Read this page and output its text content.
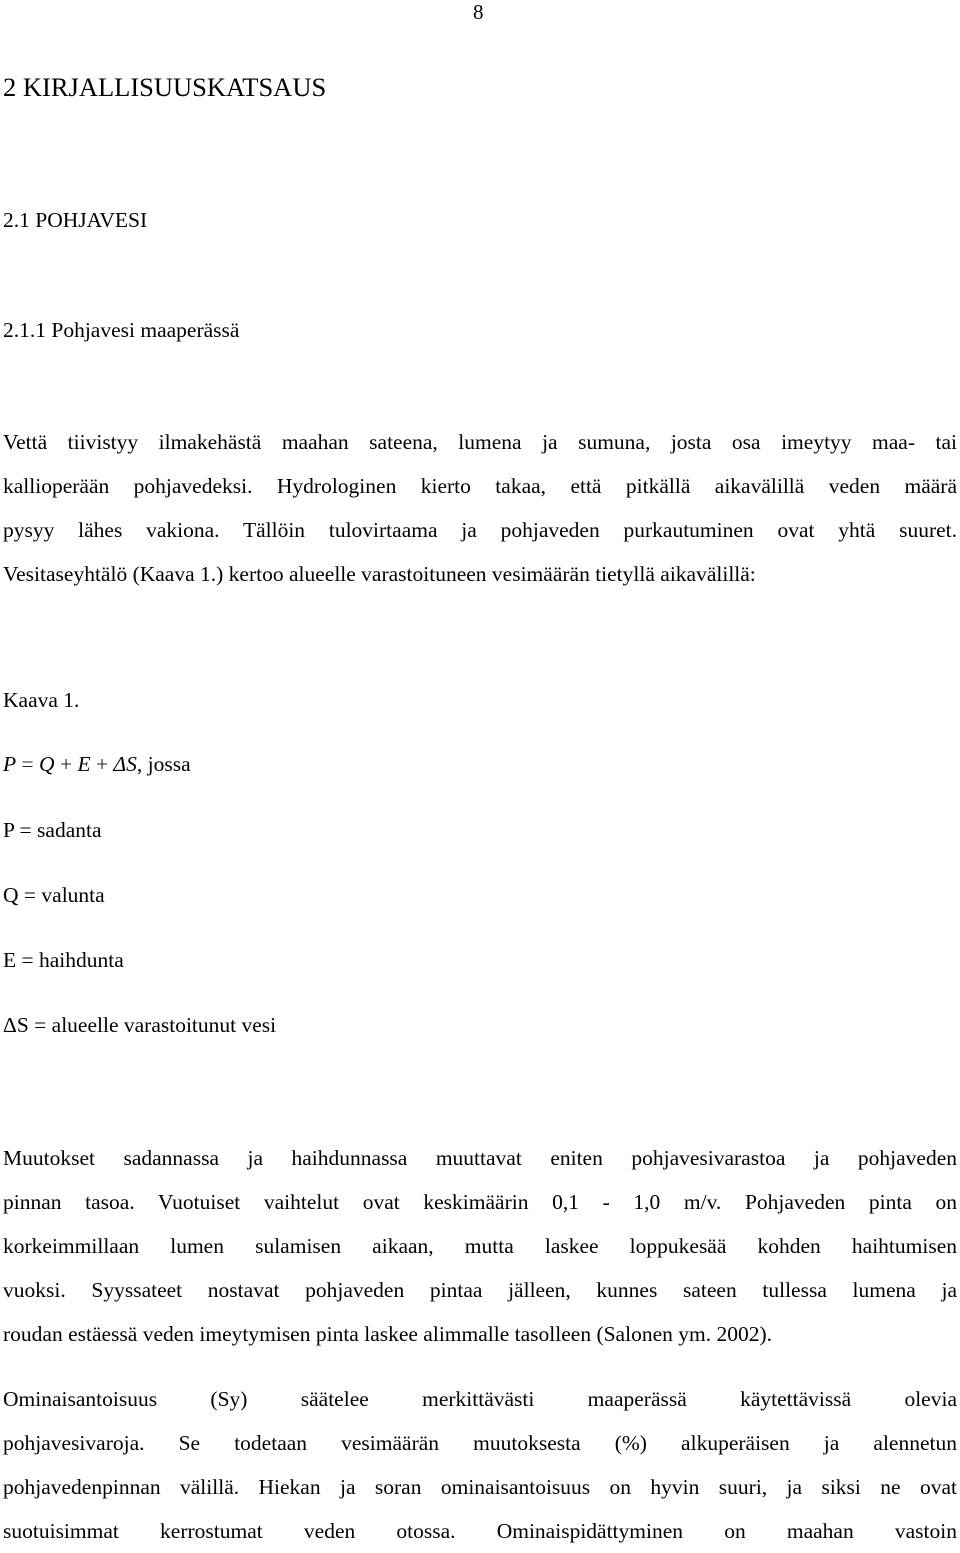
8
2 KIRJALLISUUSKATSAUS
2.1 POHJAVESI
2.1.1 Pohjavesi maaperässä
Vettä tiivistyy ilmakehästä maahan sateena, lumena ja sumuna, josta osa imeytyy maa- tai
kallioperään pohjavedeksi. Hydrologinen kierto takaa, että pitkällä aikavälillä veden määrä
pysyy lähes vakiona. Tällöin tulovirtaama ja pohjaveden purkautuminen ovat yhtä suuret.
Vesitaseyhtälö (Kaava 1.) kertoo alueelle varastoituneen vesimäärän tietyllä aikavälillä:
Kaava 1.
P = Q + E + ΔS, jossa
P = sadanta
Q = valunta
E = haihdunta
ΔS = alueelle varastoitunut vesi
Muutokset sadannassa ja haihdunnassa muuttavat eniten pohjavesivarastoa ja pohjaveden
pinnan tasoa. Vuotuiset vaihtelut ovat keskimäärin 0,1 - 1,0 m/v. Pohjaveden pinta on
korkeimmillaan lumen sulamisen aikaan, mutta laskee loppukesää kohden haihtumisen
vuoksi. Syyssateet nostavat pohjaveden pintaa jälleen, kunnes sateen tullessa lumena ja
roudan estäessä veden imeytymisen pinta laskee alimmalle tasolleen (Salonen ym. 2002).
Ominaisantoisuus (Sy) säätelee merkittävästi maaperässä käytettävissä olevia
pohjavesivaroja. Se todetaan vesimäärän muutoksesta (%) alkuperäisen ja alennetun
pohjavedenpinnan välillä. Hiekan ja soran ominaisantoisuus on hyvin suuri, ja siksi ne ovat
suotuisimmat kerrostumat veden otossa. Ominaispidättyminen on maahan vastoin
